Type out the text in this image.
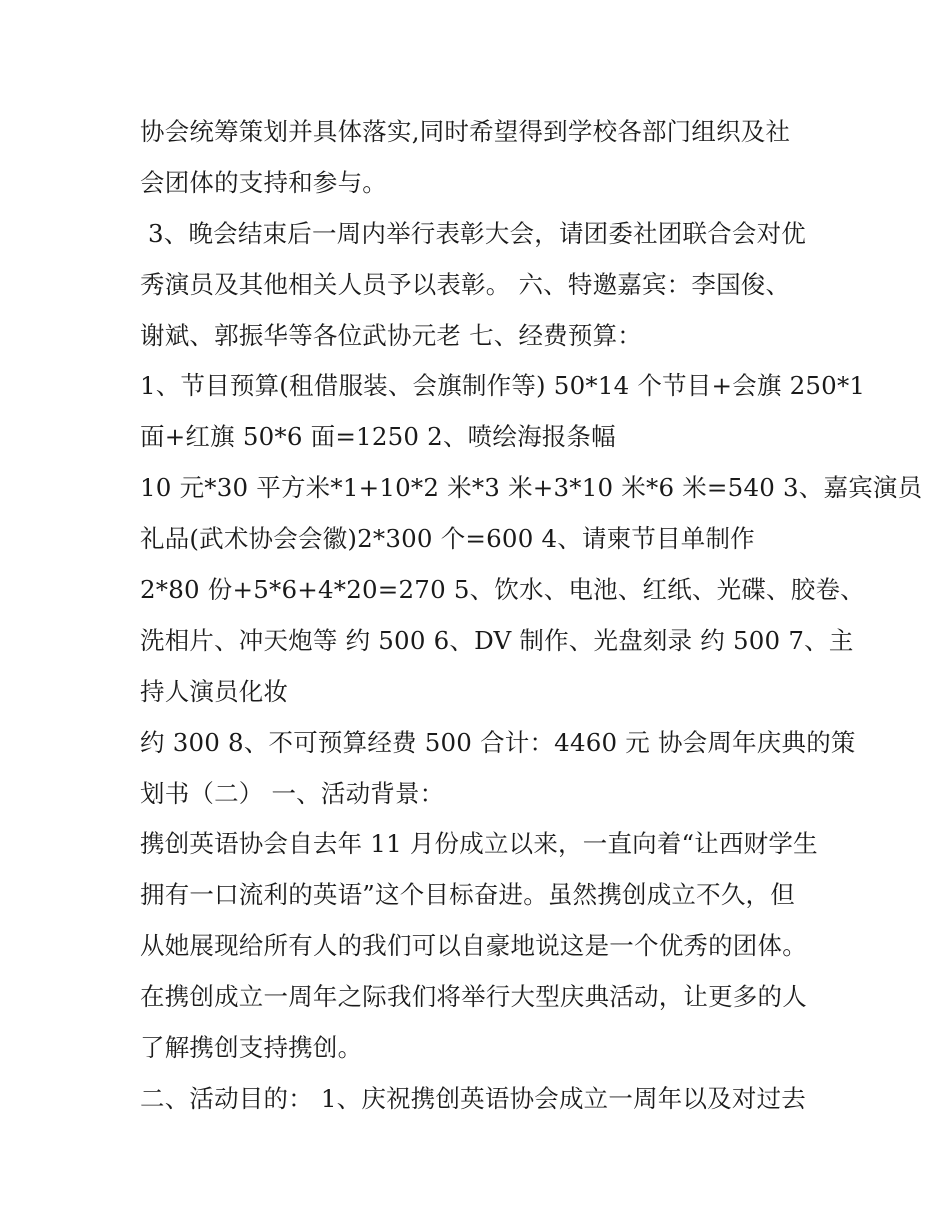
协会统筹策划并具体落实,同时希望得到学校各部门组织及社
会团体的支持和参与。
3、晚会结束后一周内举行表彰大会，请团委社团联合会对优
秀演员及其他相关人员予以表彰。 六、特邀嘉宾：李国俊、
谢斌、郭振华等各位武协元老 七、经费预算：
1、节目预算(租借服装、会旗制作等) 50*14 个节目+会旗 250*1
面+红旗 50*6 面=1250 2、喷绘海报条幅
10 元*30 平方米*1+10*2 米*3 米+3*10 米*6 米=540 3、嘉宾演员
礼品(武术协会会徽)2*300 个=600 4、请柬节目单制作
2*80 份+5*6+4*20=270 5、饮水、电池、红纸、光碟、胶卷、
洗相片、冲天炮等 约 500 6、DV 制作、光盘刻录 约 500 7、主
持人演员化妆
约 300 8、不可预算经费 500 合计：4460 元 协会周年庆典的策
划书（二） 一、活动背景：
携创英语协会自去年 11 月份成立以来，一直向着“让西财学生
拥有一口流利的英语”这个目标奋进。虽然携创成立不久，但
从她展现给所有人的我们可以自豪地说这是一个优秀的团体。
在携创成立一周年之际我们将举行大型庆典活动，让更多的人
了解携创支持携创。
二、活动目的： 1、庆祝携创英语协会成立一周年以及对过去
